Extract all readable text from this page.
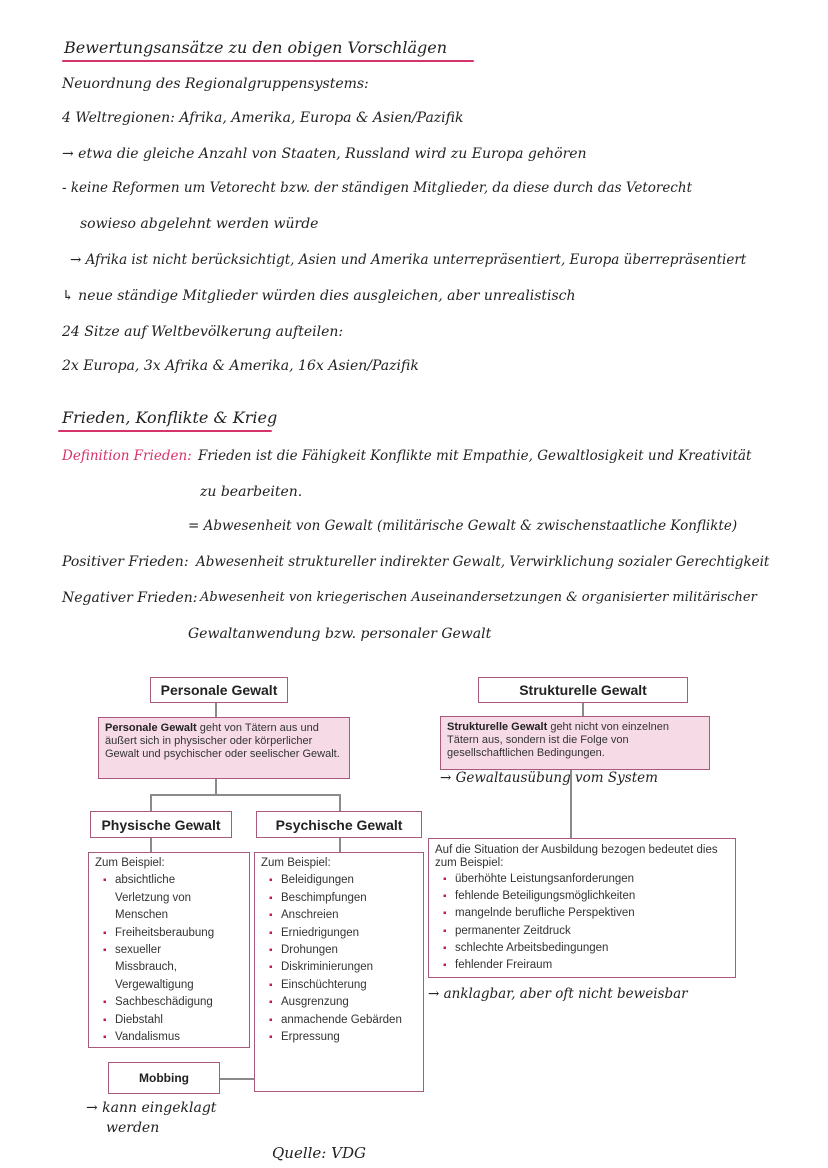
Bewertungsansätze zu den obigen Vorschlägen
Neuordnung des Regionalgruppensystems:
4 Weltregionen: Afrika, Amerika, Europa & Asien/Pazifik
→ etwa die gleiche Anzahl von Staaten, Russland wird zu Europa gehören
- keine Reformen um Vetorecht bzw. der ständigen Mitglieder, da diese durch das Vetorecht
sowieso abgelehnt werden würde
→ Afrika ist nicht berücksichtigt, Asien und Amerika unterrepräsentiert, Europa überrepräsentiert
↳ neue ständige Mitglieder würden dies ausgleichen, aber unrealistisch
24 Sitze auf Weltbevölkerung aufteilen:
2x Europa, 3x Afrika & Amerika, 16x Asien/Pazifik
Frieden, Konflikte & Krieg
Definition Frieden: Frieden ist die Fähigkeit Konflikte mit Empathie, Gewaltlosigkeit und Kreativität
zu bearbeiten.
= Abwesenheit von Gewalt (militärische Gewalt & zwischenstaatliche Konflikte)
Positiver Frieden: Abwesenheit struktureller indirekter Gewalt, Verwirklichung sozialer Gerechtigkeit
Negativer Frieden: Abwesenheit von kriegerischen Auseinandersetzungen & organisierter militärischer
Gewaltanwendung bzw. personaler Gewalt
Personale Gewalt
Personale Gewalt geht von Tätern aus und äußert sich in physischer oder körperlicher Gewalt und psychischer oder seelischer Gewalt.
Strukturelle Gewalt
Strukturelle Gewalt geht nicht von einzelnen Tätern aus, sondern ist die Folge von gesellschaftlichen Bedingungen.
→ Gewaltausübung vom System
Physische Gewalt	Psychische Gewalt
Zum Beispiel:
▪ absichtliche Verletzung von Menschen
▪ Freiheitsberaubung
▪ sexueller Missbrauch, Vergewaltigung
▪ Sachbeschädigung
▪ Diebstahl
▪ Vandalismus
Zum Beispiel:
▪ Beleidigungen
▪ Beschimpfungen
▪ Anschreien
▪ Erniedrigungen
▪ Drohungen
▪ Diskriminierungen
▪ Einschüchterung
▪ Ausgrenzung
▪ anmachende Gebärden
▪ Erpressung
Auf die Situation der Ausbildung bezogen bedeutet dies zum Beispiel:
▪ überhöhte Leistungsanforderungen
▪ fehlende Beteiligungsmöglichkeiten
▪ mangelnde berufliche Perspektiven
▪ permanenter Zeitdruck
▪ schlechte Arbeitsbedingungen
▪ fehlender Freiraum
→ anklagbar, aber oft nicht beweisbar
Mobbing
→ kann eingeklagt
werden
Quelle: VDG
